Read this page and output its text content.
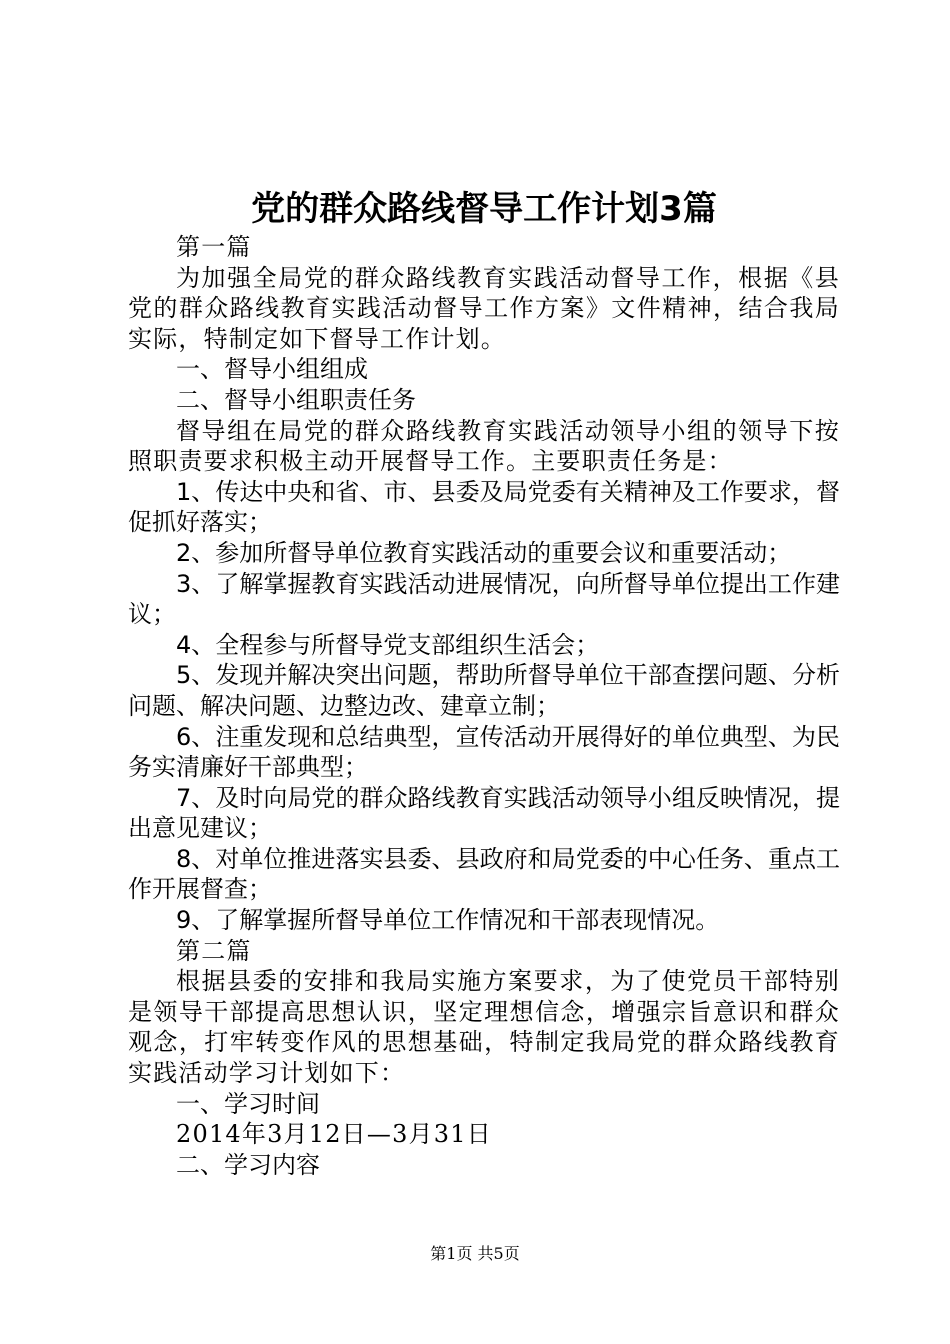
党的群众路线督导工作计划3篇

第一篇

为加强全局党的群众路线教育实践活动督导工作，根据《县党的群众路线教育实践活动督导工作方案》文件精神，结合我局实际，特制定如下督导工作计划。

一、督导小组组成

二、督导小组职责任务

督导组在局党的群众路线教育实践活动领导小组的领导下按照职责要求积极主动开展督导工作。主要职责任务是：

1、传达中央和省、市、县委及局党委有关精神及工作要求，督促抓好落实；

2、参加所督导单位教育实践活动的重要会议和重要活动；

3、了解掌握教育实践活动进展情况，向所督导单位提出工作建议；

4、全程参与所督导党支部组织生活会；

5、发现并解决突出问题，帮助所督导单位干部查摆问题、分析问题、解决问题、边整边改、建章立制；

6、注重发现和总结典型，宣传活动开展得好的单位典型、为民务实清廉好干部典型；

7、及时向局党的群众路线教育实践活动领导小组反映情况，提出意见建议；

8、对单位推进落实县委、县政府和局党委的中心任务、重点工作开展督查；

9、了解掌握所督导单位工作情况和干部表现情况。

第二篇

根据县委的安排和我局实施方案要求，为了使党员干部特别是领导干部提高思想认识，坚定理想信念，增强宗旨意识和群众观念，打牢转变作风的思想基础，特制定我局党的群众路线教育实践活动学习计划如下：

一、学习时间

2014年3月12日—3月31日

二、学习内容

第1页 共5页
